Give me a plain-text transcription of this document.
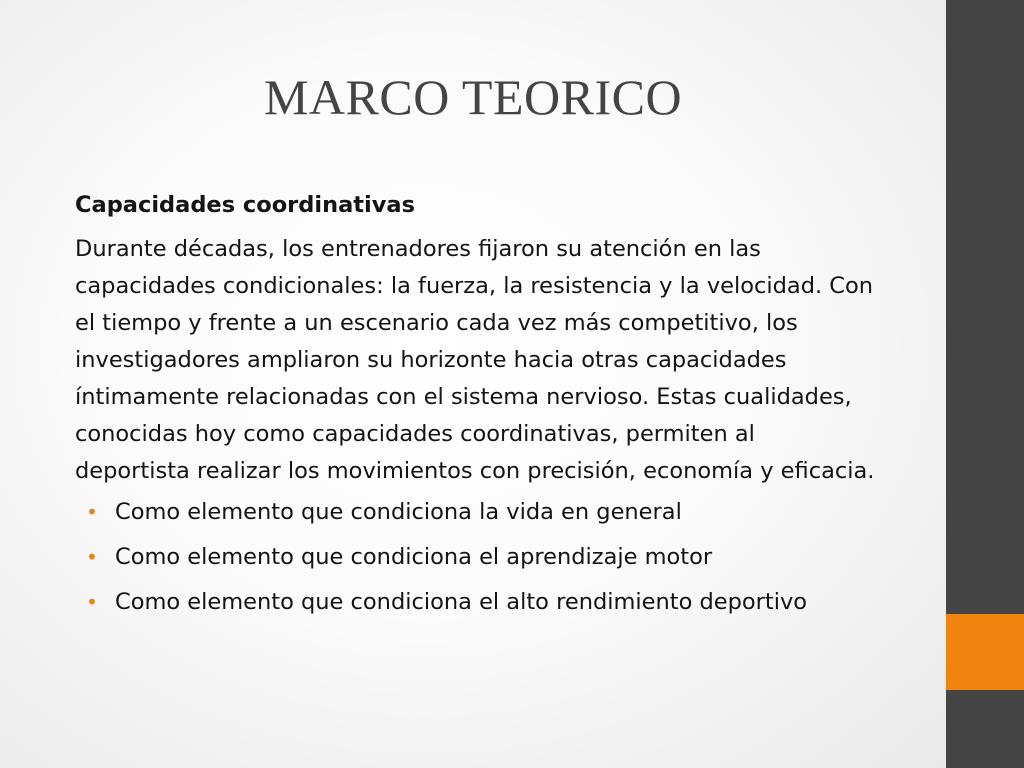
MARCO TEORICO

Capacidades coordinativas

Durante décadas, los entrenadores fijaron su atención en las capacidades condicionales: la fuerza, la resistencia y la velocidad. Con el tiempo y frente a un escenario cada vez más competitivo, los investigadores ampliaron su horizonte hacia otras capacidades íntimamente relacionadas con el sistema nervioso. Estas cualidades, conocidas hoy como capacidades coordinativas, permiten al deportista realizar los movimientos con precisión, economía y eficacia.

• Como elemento que condiciona la vida en general
• Como elemento que condiciona el aprendizaje motor
• Como elemento que condiciona el alto rendimiento deportivo
